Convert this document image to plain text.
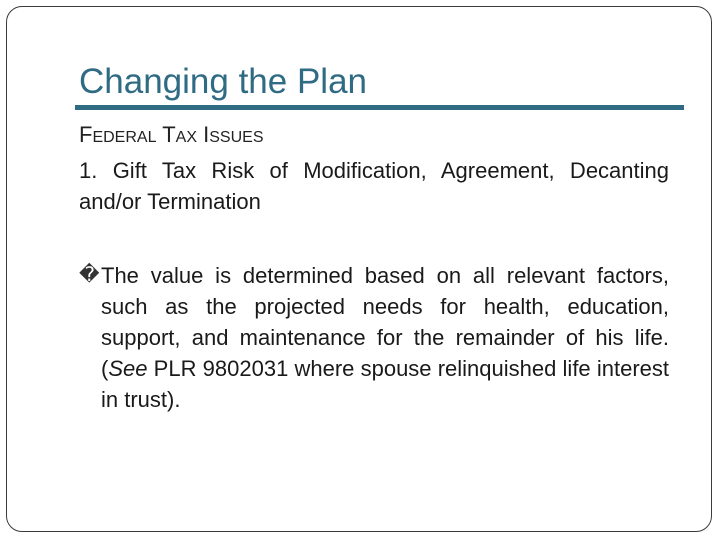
Changing the Plan
FEDERAL TAX ISSUES
1. Gift Tax Risk of Modification, Agreement, Decanting and/or Termination
� The value is determined based on all relevant factors, such as the projected needs for health, education, support, and maintenance for the remainder of his life. (See PLR 9802031 where spouse relinquished life interest in trust).
